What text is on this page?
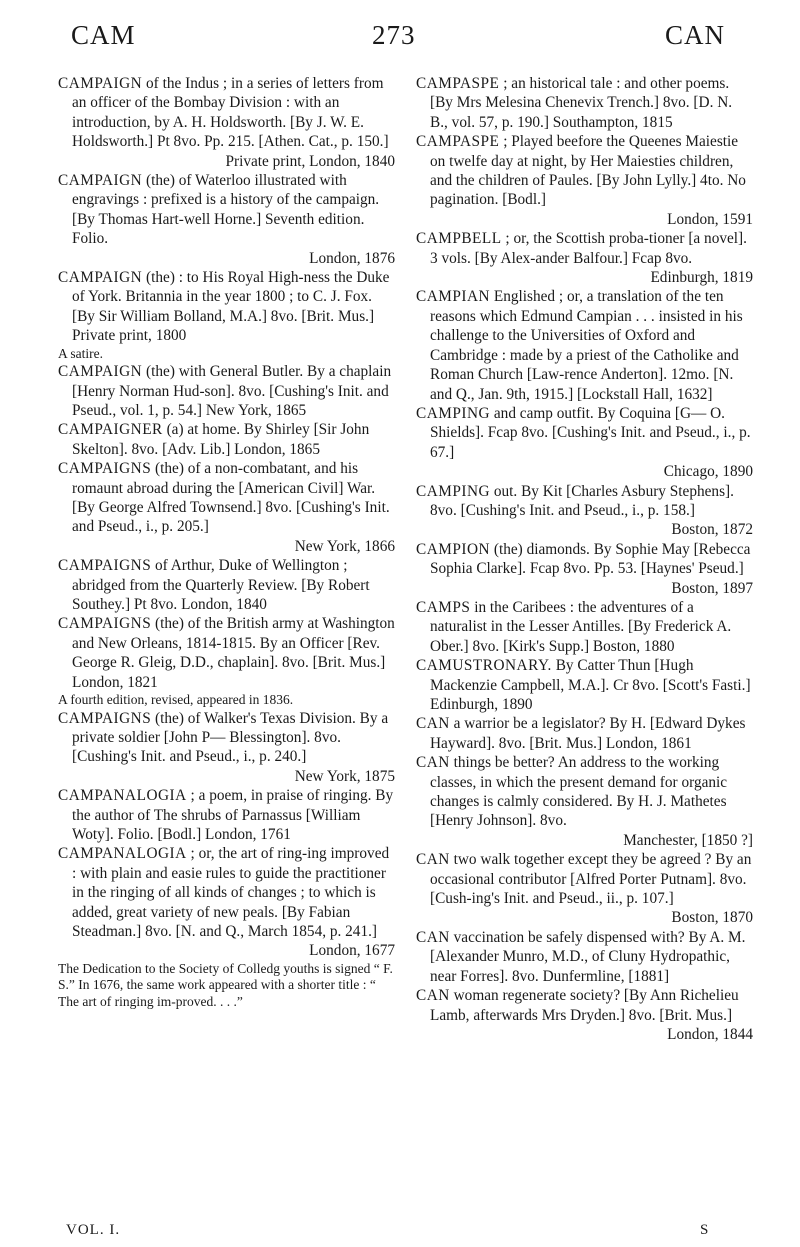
CAM	273	CAN

CAMPAIGN of the Indus ; in a series of letters from an officer of the Bombay Division : with an introduction, by A. H. Holdsworth. [By J. W. E. Holdsworth.] Pt 8vo. Pp. 215. [Athen. Cat., p. 150.]
Private print, London, 1840

CAMPAIGN (the) of Waterloo illustrated with engravings : prefixed is a history of the campaign. [By Thomas Hart-well Horne.] Seventh edition. Folio.
London, 1876

CAMPAIGN (the) : to His Royal High-ness the Duke of York. Britannia in the year 1800 ; to C. J. Fox. [By Sir William Bolland, M.A.] 8vo. [Brit. Mus.] Private print, 1800

A satire.

CAMPAIGN (the) with General Butler. By a chaplain [Henry Norman Hud-son]. 8vo. [Cushing's Init. and Pseud., vol. 1, p. 54.] New York, 1865

CAMPAIGNER (a) at home. By Shirley [Sir John Skelton]. 8vo. [Adv. Lib.] London, 1865

CAMPAIGNS (the) of a non-combatant, and his romaunt abroad during the [American Civil] War. [By George Alfred Townsend.] 8vo. [Cushing's Init. and Pseud., i., p. 205.]
New York, 1866

CAMPAIGNS of Arthur, Duke of Wellington ; abridged from the Quarterly Review. [By Robert Southey.] Pt 8vo. London, 1840

CAMPAIGNS (the) of the British army at Washington and New Orleans, 1814-1815. By an Officer [Rev. George R. Gleig, D.D., chaplain]. 8vo. [Brit. Mus.] London, 1821

A fourth edition, revised, appeared in 1836.

CAMPAIGNS (the) of Walker's Texas Division. By a private soldier [John P— Blessington]. 8vo. [Cushing's Init. and Pseud., i., p. 240.]
New York, 1875

CAMPANALOGIA ; a poem, in praise of ringing. By the author of The shrubs of Parnassus [William Woty]. Folio. [Bodl.] London, 1761

CAMPANALOGIA ; or, the art of ring-ing improved : with plain and easie rules to guide the practitioner in the ringing of all kinds of changes ; to which is added, great variety of new peals. [By Fabian Steadman.] 8vo. [N. and Q., March 1854, p. 241.]
London, 1677

The Dedication to the Society of Colledg youths is signed “ F. S.” In 1676, the same work appeared with a shorter title : “ The art of ringing im-proved. . . .”

CAMPASPE ; an historical tale : and other poems. [By Mrs Melesina Chenevix Trench.] 8vo. [D. N. B., vol. 57, p. 190.] Southampton, 1815

CAMPASPE ; Played beefore the Queenes Maiestie on twelfe day at night, by Her Maiesties children, and the children of Paules. [By John Lylly.] 4to. No pagination. [Bodl.]
London, 1591

CAMPBELL ; or, the Scottish proba-tioner [a novel]. 3 vols. [By Alex-ander Balfour.] Fcap 8vo.
Edinburgh, 1819

CAMPIAN Englished ; or, a translation of the ten reasons which Edmund Campian . . . insisted in his challenge to the Universities of Oxford and Cambridge : made by a priest of the Catholike and Roman Church [Law-rence Anderton]. 12mo. [N. and Q., Jan. 9th, 1915.] [Lockstall Hall, 1632]

CAMPING and camp outfit. By Coquina [G— O. Shields]. Fcap 8vo. [Cushing's Init. and Pseud., i., p. 67.]
Chicago, 1890

CAMPING out. By Kit [Charles Asbury Stephens]. 8vo. [Cushing's Init. and Pseud., i., p. 158.]
Boston, 1872

CAMPION (the) diamonds. By Sophie May [Rebecca Sophia Clarke]. Fcap 8vo. Pp. 53. [Haynes' Pseud.]
Boston, 1897

CAMPS in the Caribees : the adventures of a naturalist in the Lesser Antilles. [By Frederick A. Ober.] 8vo. [Kirk's Supp.] Boston, 1880

CAMUSTRONARY. By Catter Thun [Hugh Mackenzie Campbell, M.A.]. Cr 8vo. [Scott's Fasti.] Edinburgh, 1890

CAN a warrior be a legislator? By H. [Edward Dykes Hayward]. 8vo. [Brit. Mus.] London, 1861

CAN things be better? An address to the working classes, in which the present demand for organic changes is calmly considered. By H. J. Mathetes [Henry Johnson]. 8vo.
Manchester, [1850 ?]

CAN two walk together except they be agreed ? By an occasional contributor [Alfred Porter Putnam]. 8vo. [Cush-ing's Init. and Pseud., ii., p. 107.]
Boston, 1870

CAN vaccination be safely dispensed with? By A. M. [Alexander Munro, M.D., of Cluny Hydropathic, near Forres]. 8vo. Dunfermline, [1881]

CAN woman regenerate society? [By Ann Richelieu Lamb, afterwards Mrs Dryden.] 8vo. [Brit. Mus.]
London, 1844

VOL. I.	S
